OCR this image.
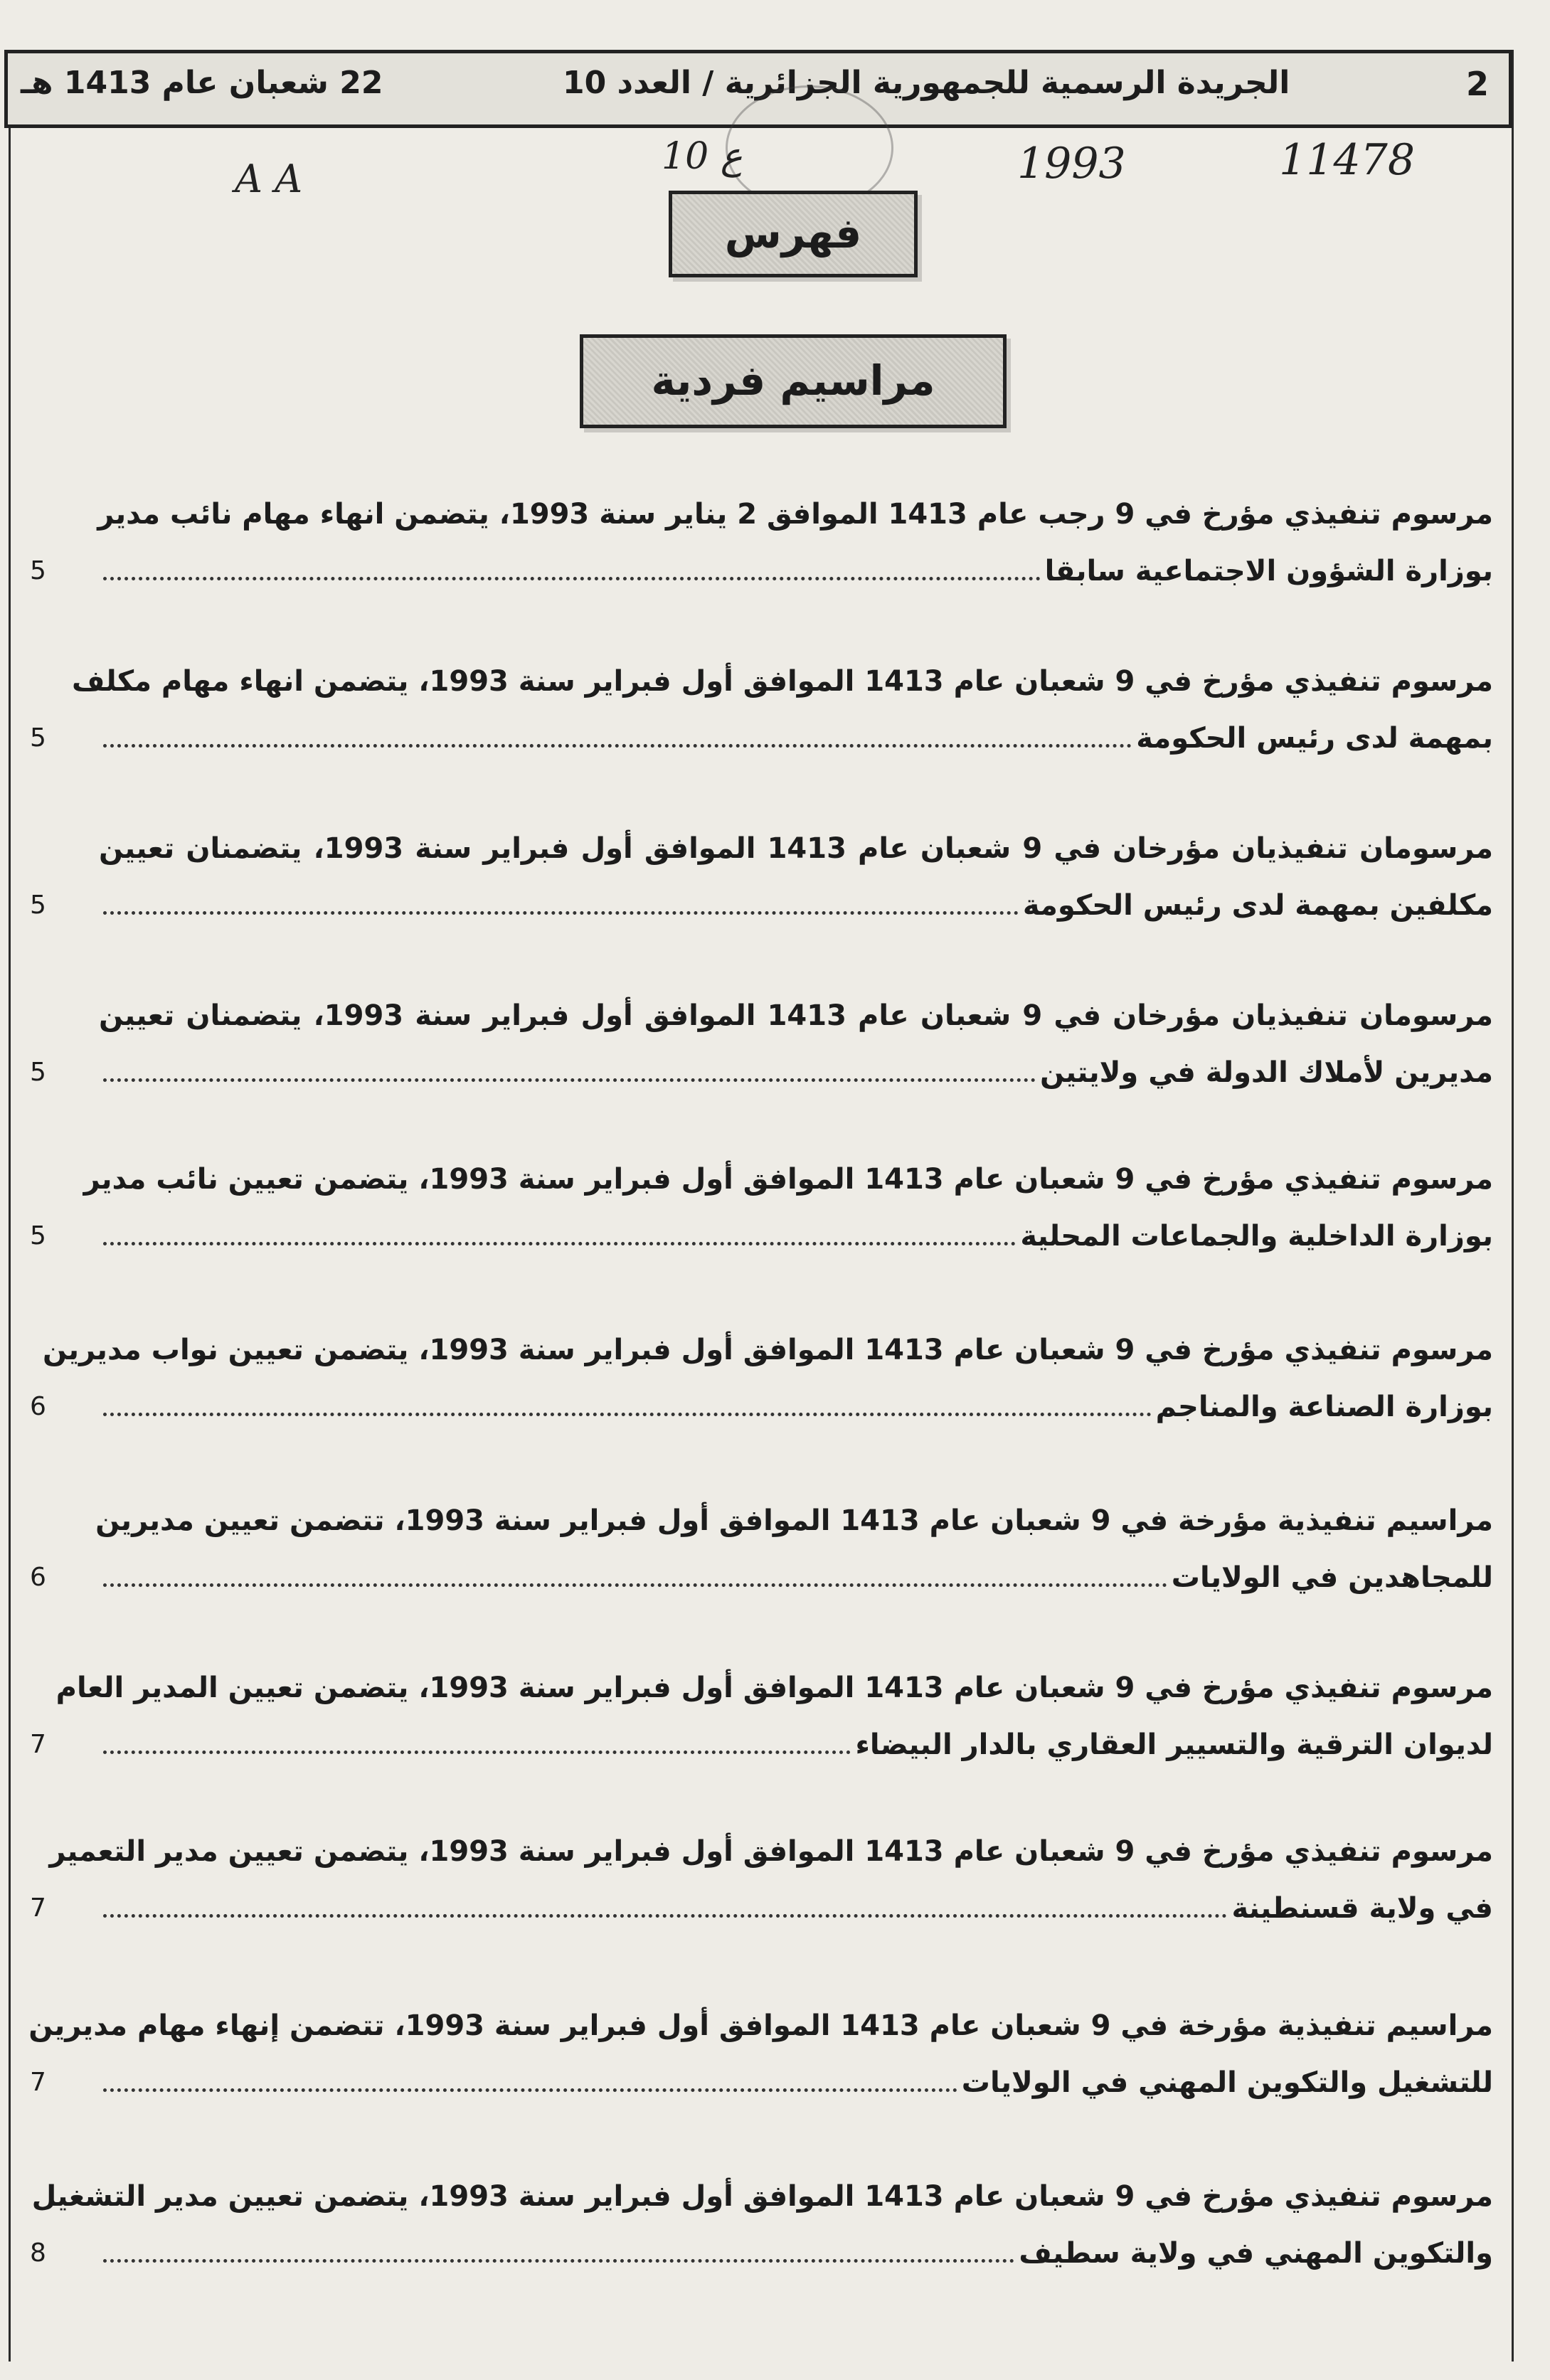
2
الجريدة الرسمية للجمهورية الجزائرية / العدد 10
22 شعبان عام 1413 هـ
11478
1993
ع 10
A A
فهرس
مراسيم فردية
مرسوم تنفيذي مؤرخ في 9 رجب عام 1413 الموافق 2 يناير سنة 1993، يتضمن انهاء مهام نائب مدير
بوزارة الشؤون الاجتماعية سابقا
5
مرسوم تنفيذي مؤرخ في 9 شعبان عام 1413 الموافق أول فبراير سنة 1993، يتضمن انهاء مهام مكلف
بمهمة لدى رئيس الحكومة
5
مرسومان تنفيذيان مؤرخان في 9 شعبان عام 1413 الموافق أول فبراير سنة 1993، يتضمنان تعيين
مكلفين بمهمة لدى رئيس الحكومة
5
مرسومان تنفيذيان مؤرخان في 9 شعبان عام 1413 الموافق أول فبراير سنة 1993، يتضمنان تعيين
مديرين لأملاك الدولة في ولايتين
5
مرسوم تنفيذي مؤرخ في 9 شعبان عام 1413 الموافق أول فبراير سنة 1993، يتضمن تعيين نائب مدير
بوزارة الداخلية والجماعات المحلية
5
مرسوم تنفيذي مؤرخ في 9 شعبان عام 1413 الموافق أول فبراير سنة 1993، يتضمن تعيين نواب مديرين
بوزارة الصناعة والمناجم
6
مراسيم تنفيذية مؤرخة في 9 شعبان عام 1413 الموافق أول فبراير سنة 1993، تتضمن تعيين مديرين
للمجاهدين في الولايات
6
مرسوم تنفيذي مؤرخ في 9 شعبان عام 1413 الموافق أول فبراير سنة 1993، يتضمن تعيين المدير العام
لديوان الترقية والتسيير العقاري بالدار البيضاء
7
مرسوم تنفيذي مؤرخ في 9 شعبان عام 1413 الموافق أول فبراير سنة 1993، يتضمن تعيين مدير التعمير
في ولاية قسنطينة
7
مراسيم تنفيذية مؤرخة في 9 شعبان عام 1413 الموافق أول فبراير سنة 1993، تتضمن إنهاء مهام مديرين
للتشغيل والتكوين المهني في الولايات
7
مرسوم تنفيذي مؤرخ في 9 شعبان عام 1413 الموافق أول فبراير سنة 1993، يتضمن تعيين مدير التشغيل
والتكوين المهني في ولاية سطيف
8
